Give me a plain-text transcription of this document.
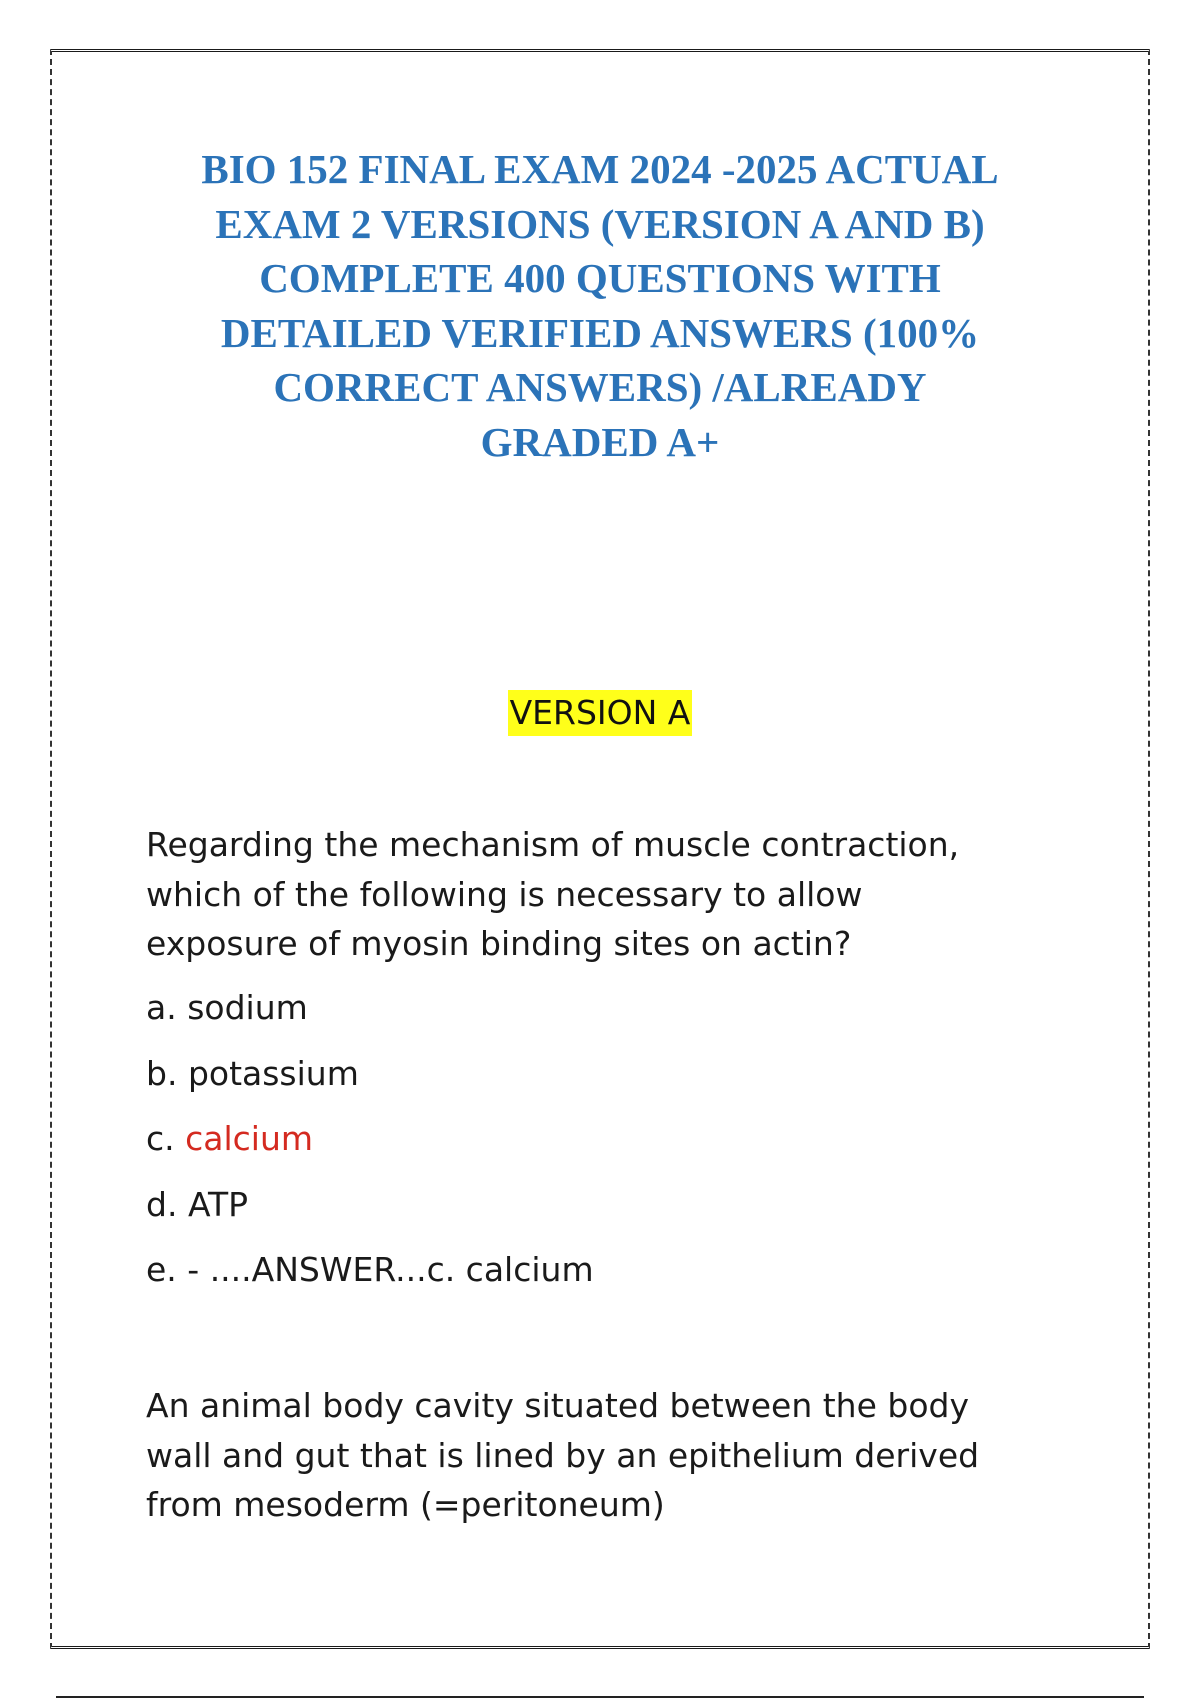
BIO 152 FINAL EXAM 2024 -2025 ACTUAL
EXAM 2 VERSIONS (VERSION A AND B)
COMPLETE 400 QUESTIONS WITH
DETAILED VERIFIED ANSWERS (100%
CORRECT ANSWERS) /ALREADY
GRADED A+
VERSION A
Regarding the mechanism of muscle contraction,
which of the following is necessary to allow
exposure of myosin binding sites on actin?
a. sodium
b. potassium
c. calcium
d. ATP
e. - ....ANSWER...c. calcium
An animal body cavity situated between the body
wall and gut that is lined by an epithelium derived
from mesoderm (=peritoneum)
